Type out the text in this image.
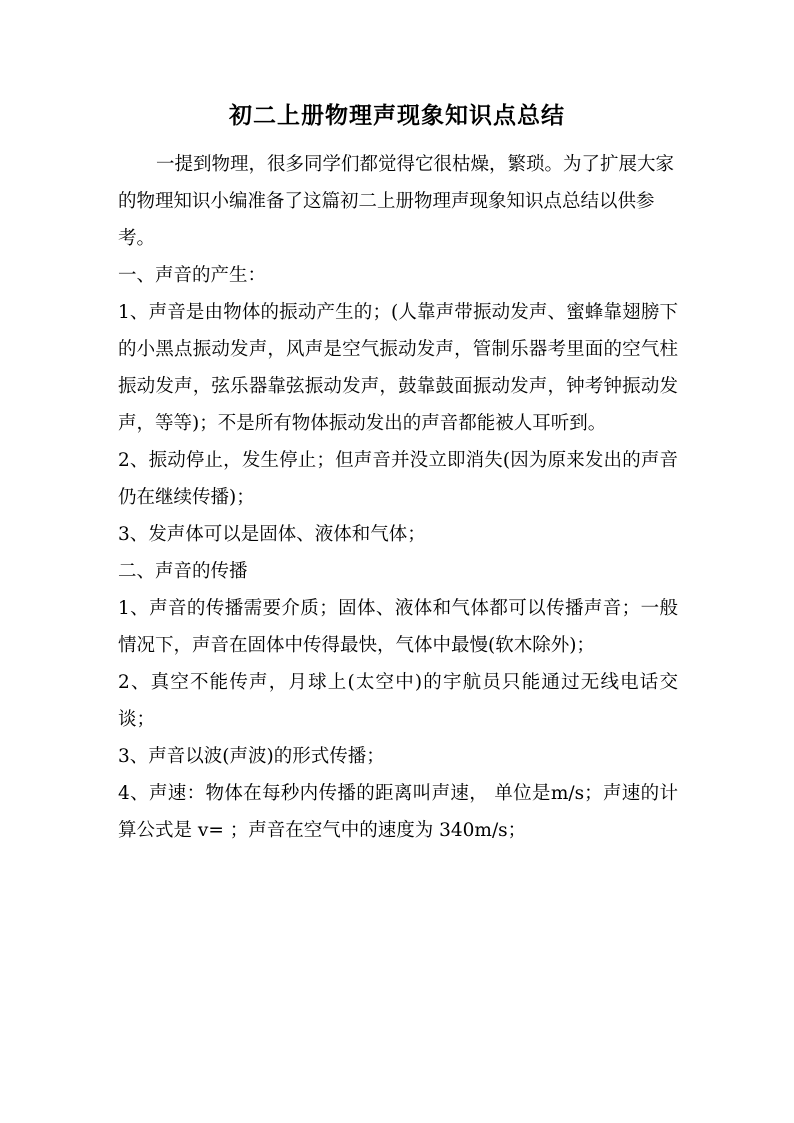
初二上册物理声现象知识点总结

一提到物理，很多同学们都觉得它很枯燥，繁琐。为了扩展大家的物理知识小编准备了这篇初二上册物理声现象知识点总结以供参考。

一、声音的产生：

1、声音是由物体的振动产生的；(人靠声带振动发声、蜜蜂靠翅膀下的小黑点振动发声，风声是空气振动发声，管制乐器考里面的空气柱振动发声，弦乐器靠弦振动发声，鼓靠鼓面振动发声，钟考钟振动发声，等等)；不是所有物体振动发出的声音都能被人耳听到。

2、振动停止，发生停止；但声音并没立即消失(因为原来发出的声音仍在继续传播)；

3、发声体可以是固体、液体和气体；

二、声音的传播

1、声音的传播需要介质；固体、液体和气体都可以传播声音；一般情况下，声音在固体中传得最快，气体中最慢(软木除外)；

2、真空不能传声，月球上(太空中)的宇航员只能通过无线电话交谈；

3、声音以波(声波)的形式传播；

4、声速：物体在每秒内传播的距离叫声速， 单位是m/s；声速的计算公式是 v= ；声音在空气中的速度为 340m/s；
